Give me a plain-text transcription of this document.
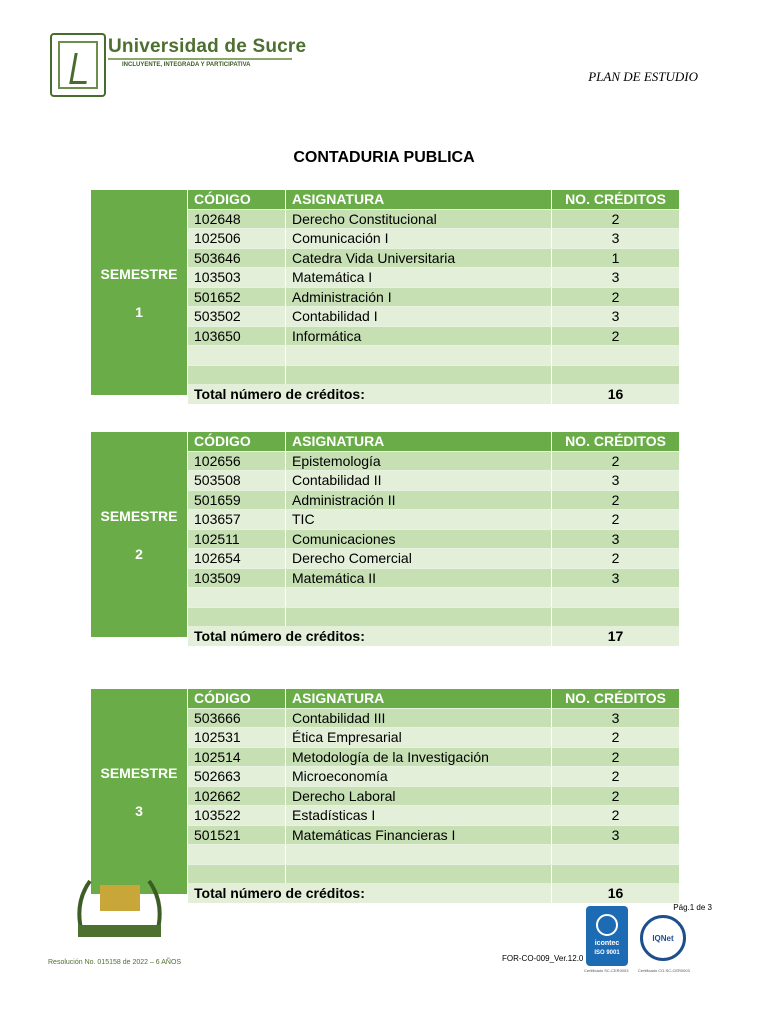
Universidad de Sucre
INCLUYENTE, INTEGRADA Y PARTICIPATIVA
PLAN DE ESTUDIO
CONTADURIA PUBLICA
SEMESTRE
1
CÓDIGO	ASIGNATURA	NO. CRÉDITOS
102648	Derecho Constitucional	2
102506	Comunicación I	3
503646	Catedra Vida Universitaria	1
103503	Matemática I	3
501652	Administración I	2
503502	Contabilidad I	3
103650	Informática	2
Total número de créditos:	16
SEMESTRE
2
CÓDIGO	ASIGNATURA	NO. CRÉDITOS
102656	Epistemología	2
503508	Contabilidad II	3
501659	Administración II	2
103657	TIC	2
102511	Comunicaciones	3
102654	Derecho Comercial	2
103509	Matemática II	3
Total número de créditos:	17
SEMESTRE
3
CÓDIGO	ASIGNATURA	NO. CRÉDITOS
503666	Contabilidad III	3
102531	Ética Empresarial	2
102514	Metodología de la Investigación	2
502663	Microeconomía	2
102662	Derecho Laboral	2
103522	Estadísticas I	2
501521	Matemáticas Financieras I	3
Total número de créditos:	16
Resolución No. 015158 de 2022 – 6 AÑOS
Pág.1 de 3
FOR-CO-009_Ver.12.0
icontec
ISO 9001
IQNet
Certificado SC-CER0003 Certificado CO-SC-CER0003
